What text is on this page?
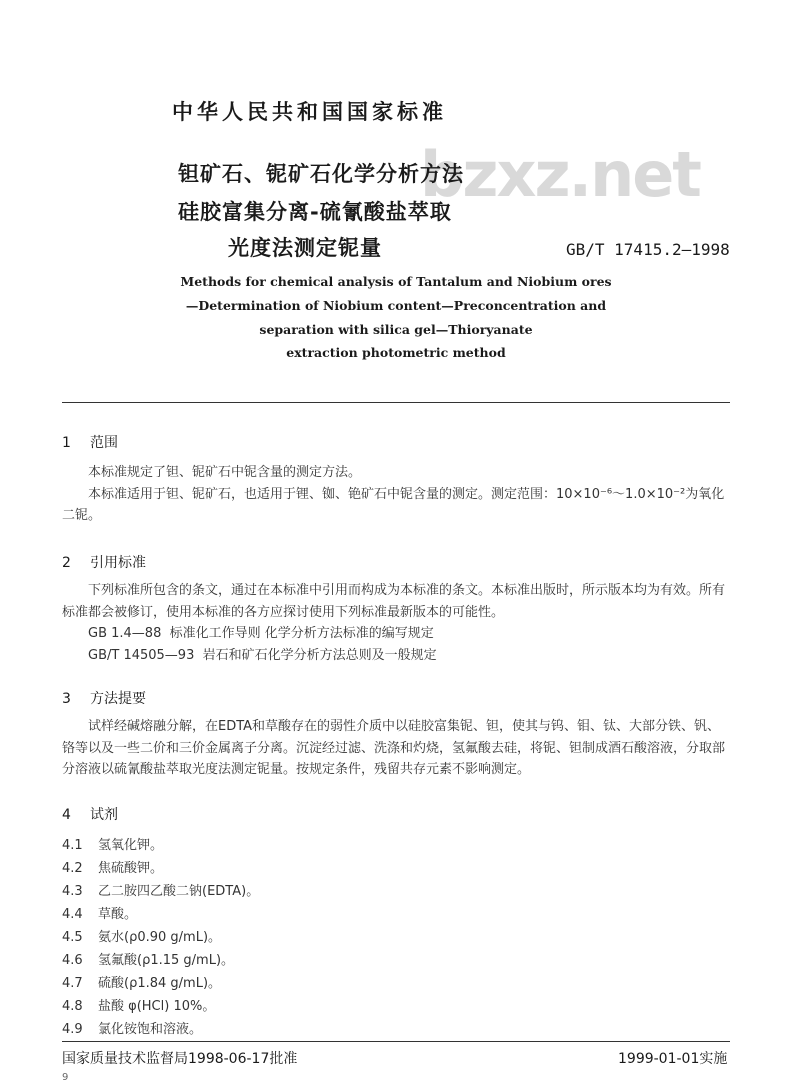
中华人民共和国国家标准
bzxz.net
钽矿石、铌矿石化学分析方法
硅胶富集分离-硫氰酸盐萃取
光度法测定铌量	GB/T 17415.2—1998
Methods for chemical analysis of Tantalum and Niobium ores
—Determination of Niobium content—Preconcentration and
separation with silica gel—Thioryanate
extraction photometric method
1 范围

本标准规定了钽、铌矿石中铌含量的测定方法。

本标准适用于钽、铌矿石，也适用于锂、铷、铯矿石中铌含量的测定。测定范围：10×10⁻⁶～1.0×10⁻²为氧化二铌。

2 引用标准

下列标准所包含的条文，通过在本标准中引用而构成为本标准的条文。本标准出版时，所示版本均为有效。所有标准都会被修订，使用本标准的各方应探讨使用下列标准最新版本的可能性。

GB 1.4—88 标准化工作导则 化学分析方法标准的编写规定

GB/T 14505—93 岩石和矿石化学分析方法总则及一般规定

3 方法提要

试样经碱熔融分解，在EDTA和草酸存在的弱性介质中以硅胶富集铌、钽，使其与钨、钼、钛、大部分铁、钒、铬等以及一些二价和三价金属离子分离。沉淀经过滤、洗涤和灼烧，氢氟酸去硅，将铌、钽制成酒石酸溶液，分取部分溶液以硫氰酸盐萃取光度法测定铌量。按规定条件，残留共存元素不影响测定。

4 试剂
4.1 氢氧化钾。
4.2 焦硫酸钾。
4.3 乙二胺四乙酸二钠(EDTA)。
4.4 草酸。
4.5 氨水(ρ0.90 g/mL)。
4.6 氢氟酸(ρ1.15 g/mL)。
4.7 硫酸(ρ1.84 g/mL)。
4.8 盐酸 φ(HCl) 10%。
4.9 氯化铵饱和溶液。
国家质量技术监督局1998-06-17批准	1999-01-01实施
9
